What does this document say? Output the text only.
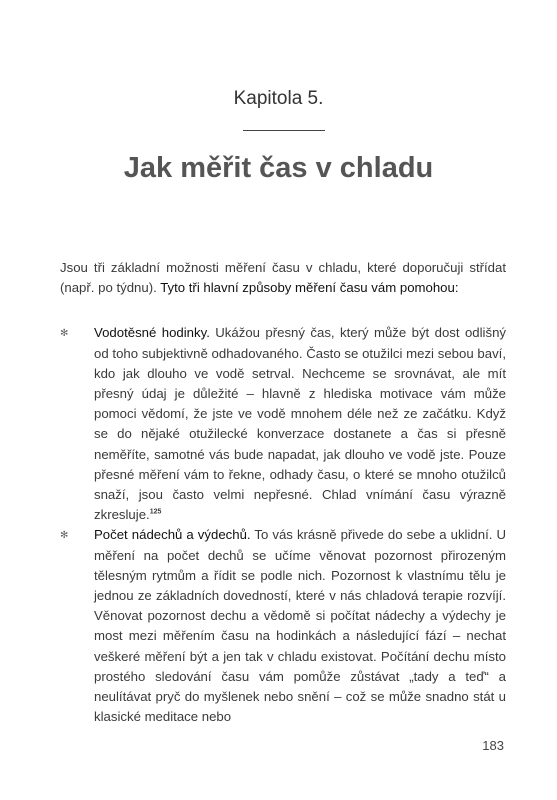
Kapitola 5.
Jak měřit čas v chladu

Jsou tři základní možnosti měření času v chladu, které doporučuji střídat (např. po týdnu). Tyto tři hlavní způsoby měření času vám pomohou:

✻	Vodotěsné hodinky. Ukážou přesný čas, který může být dost odlišný od toho subjektivně odhadovaného. Často se otužilci mezi sebou baví, kdo jak dlouho ve vodě setrval. Nechceme se srovnávat, ale mít přesný údaj je důležité – hlavně z hlediska motivace vám může pomoci vědomí, že jste ve vodě mnohem déle než ze začátku. Když se do nějaké otužilecké konverzace dostanete a čas si přesně neměříte, samotné vás bude napadat, jak dlouho ve vodě jste. Pouze přesné měření vám to řekne, odhady času, o které se mnoho otužilců snaží, jsou často velmi nepřesné. Chlad vnímání času výrazně zkresluje.$^{125}$
✻	Počet nádechů a výdechů. To vás krásně přivede do sebe a uklidní. U měření na počet dechů se učíme věnovat pozornost přirozeným tělesným rytmům a řídit se podle nich. Pozornost k vlastnímu tělu je jednou ze základních dovedností, které v nás chladová terapie rozvíjí. Věnovat pozornost dechu a vědomě si počítat nádechy a výdechy je most mezi měřením času na hodinkách a následující fází – nechat veškeré měření být a jen tak v chladu existovat. Počítání dechu místo prostého sledování času vám pomůže zůstávat „tady a teď“ a neulítávat pryč do myšlenek nebo snění – což se může snadno stát u klasické meditace nebo
183
